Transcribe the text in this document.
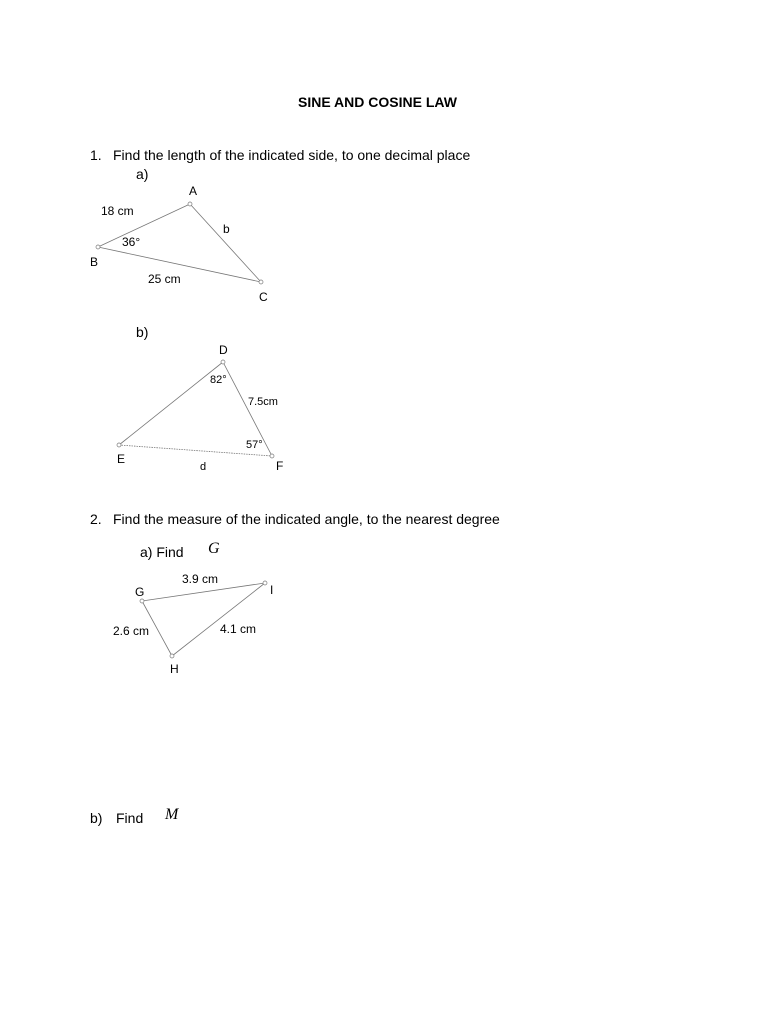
SINE AND COSINE LAW
1. Find the length of the indicated side, to one decimal place
a)
A
18 cm
b
36°
B
25 cm
C
b)
D
82°
7.5cm
57°
E
d	F
2. Find the measure of the indicated angle, to the nearest degree
a) Find G
3.9 cm
I
G
2.6 cm	4.1 cm
H
b) Find M
